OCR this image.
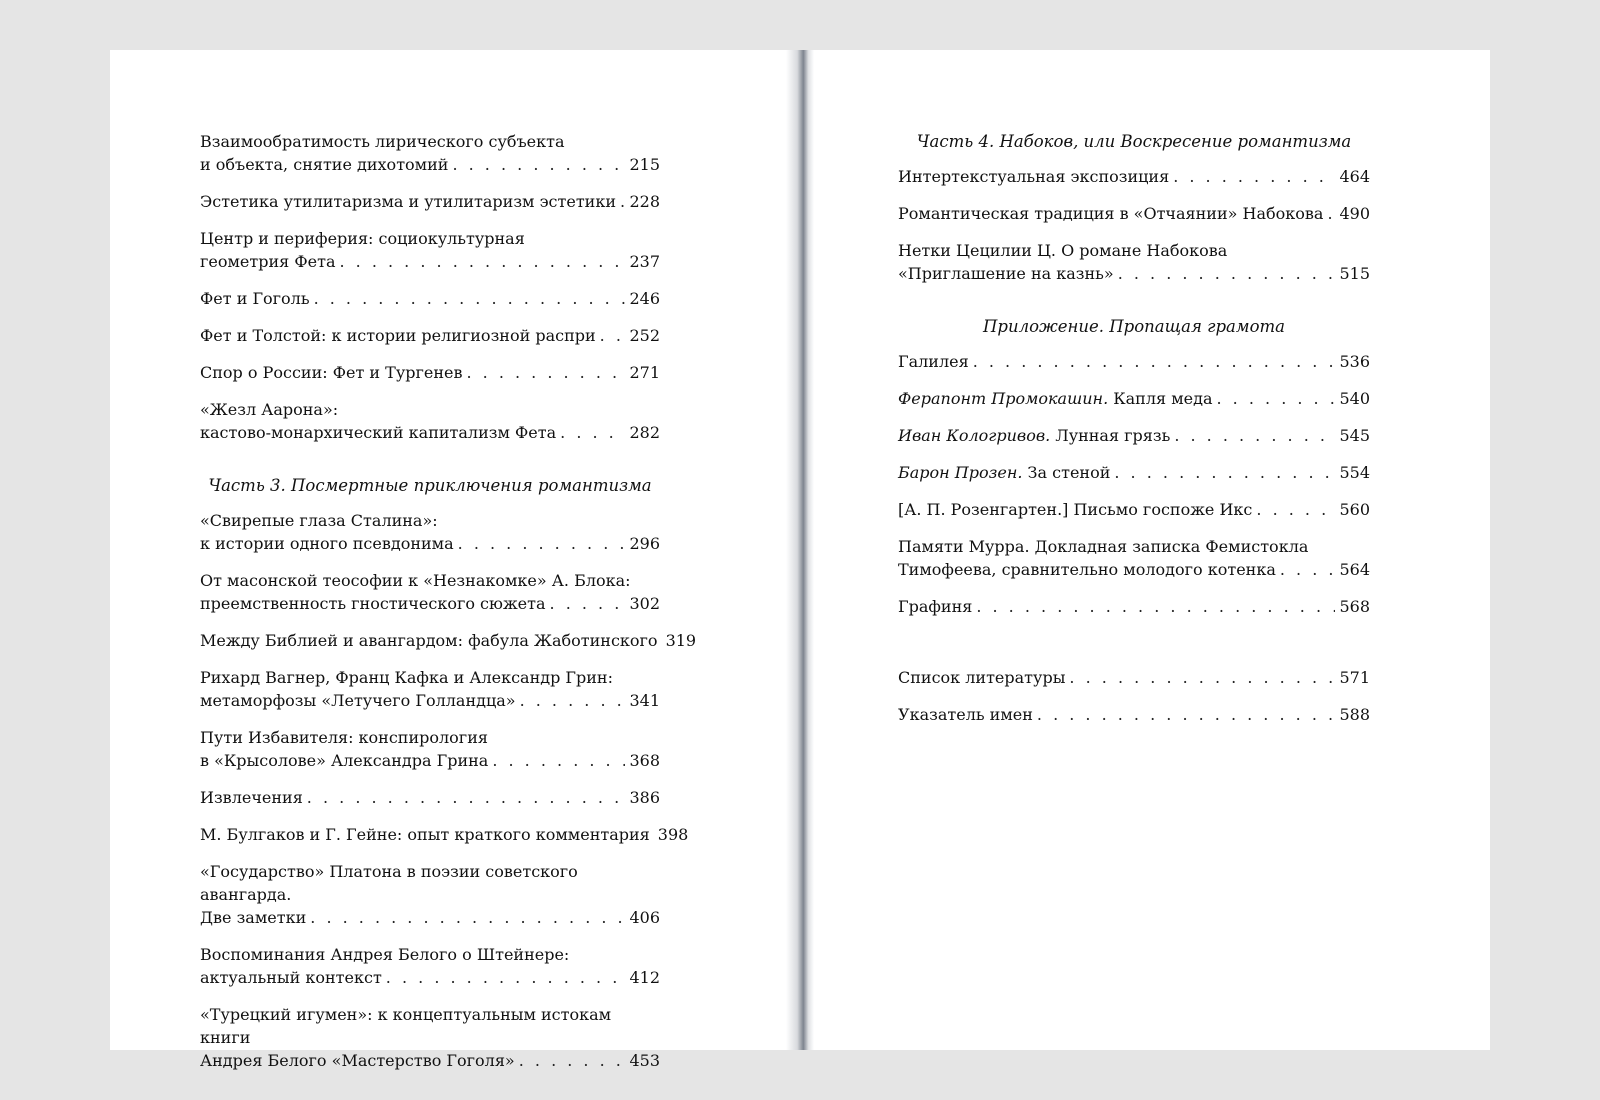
Взаимообратимость лирического субъекта
и объекта, снятие дихотомий . . .	215
Эстетика утилитаризма и утилитаризм эстетики . . . 228
Центр и периферия: социокультурная
геометрия Фета . . .	237
Фет и Гоголь . . .	246
Фет и Толстой: к истории религиозной распри . . . 252
Спор о России: Фет и Тургенев . . .	271
«Жезл Аарона»:
кастово-монархический капитализм Фета . . .	282
Часть 3. Посмертные приключения романтизма
«Свирепые глаза Сталина»:
к истории одного псевдонима . . .	296
От масонской теософии к «Незнакомке» А. Блока:
преемственность гностического сюжета . . .	302
Между Библией и авангардом: фабула Жаботинского 319
Рихард Вагнер, Франц Кафка и Александр Грин:
метаморфозы «Летучего Голландца» . . .	341
Пути Избавителя: конспирология
в «Крысолове» Александра Грина . . .	368
Извлечения . . .	386
М. Булгаков и Г. Гейне: опыт краткого комментария 398
«Государство» Платона в поэзии советского авангарда.
Две заметки . . .	406
Воспоминания Андрея Белого о Штейнере:
актуальный контекст . . .	412
«Турецкий игумен»: к концептуальным истокам книги
Андрея Белого «Мастерство Гоголя» . . .	453
Часть 4. Набоков, или Воскресение романтизма
Интертекстуальная экспозиция . . .	464
Романтическая традиция в «Отчаянии» Набокова . . . 490
Нетки Цецилии Ц. О романе Набокова
«Приглашение на казнь» . . .	515
Приложение. Пропащая грамота
Галилея . . .	536
Ферапонт Промокашин. Капля меда . . .	540
Иван Кологривов. Лунная грязь . . .	545
Барон Прозен. За стеной . . .	554
[А. П. Розенгартен.] Письмо госпоже Икс . . .	560
Памяти Мурра. Докладная записка Фемистокла
Тимофеева, сравнительно молодого котенка . . .	564
Графиня . . .	568
Список литературы . . .	571
Указатель имен . . .	588
